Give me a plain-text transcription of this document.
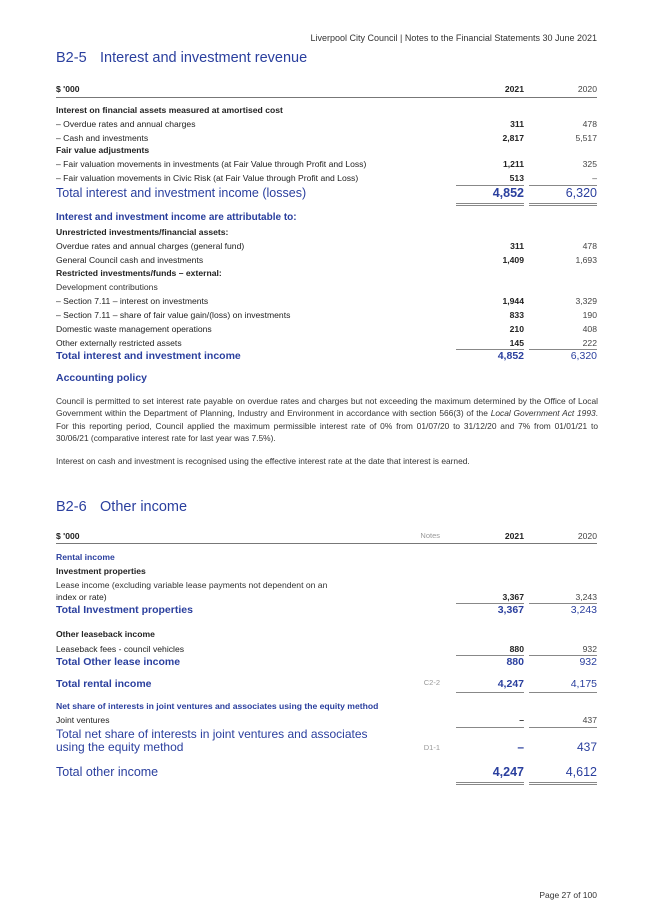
Liverpool City Council | Notes to the Financial Statements 30 June 2021
B2-5 Interest and investment revenue
$ '000	2021	2020
Interest on financial assets measured at amortised cost
– Overdue rates and annual charges	311	478
– Cash and investments	2,817	5,517
Fair value adjustments
– Fair valuation movements in investments (at Fair Value through Profit and Loss)	1,211	325
– Fair valuation movements in Civic Risk (at Fair Value through Profit and Loss)	513	–
Total interest and investment income (losses)	4,852	6,320
Interest and investment income are attributable to:
Unrestricted investments/financial assets:
Overdue rates and annual charges (general fund)	311	478
General Council cash and investments	1,409	1,693
Restricted investments/funds – external:
Development contributions
– Section 7.11 – interest on investments	1,944	3,329
– Section 7.11 – share of fair value gain/(loss) on investments	833	190
Domestic waste management operations	210	408
Other externally restricted assets	145	222
Total interest and investment income	4,852	6,320
Accounting policy
Council is permitted to set interest rate payable on overdue rates and charges but not exceeding the maximum determined by the Office of Local Government within the Department of Planning, Industry and Environment in accordance with section 566(3) of the Local Government Act 1993. For this reporting period, Council applied the maximum permissible interest rate of 0% from 01/07/20 to 31/12/20 and 7% from 01/01/21 to 30/06/21 (comparative interest rate for last year was 7.5%).
Interest on cash and investment is recognised using the effective interest rate at the date that interest is earned.
B2-6 Other income
$ '000	Notes	2021	2020
Rental income
Investment properties
Lease income (excluding variable lease payments not dependent on an
index or rate)	3,367	3,243
Total Investment properties	3,367	3,243
Other leaseback income
Leaseback fees - council vehicles	880	932
Total Other lease income	880	932
Total rental income	C2-2	4,247	4,175
Net share of interests in joint ventures and associates using the equity method
Joint ventures	–	437
Total net share of interests in joint ventures and associates
using the equity method	D1-1	–	437
Total other income	4,247	4,612
Page 27 of 100
